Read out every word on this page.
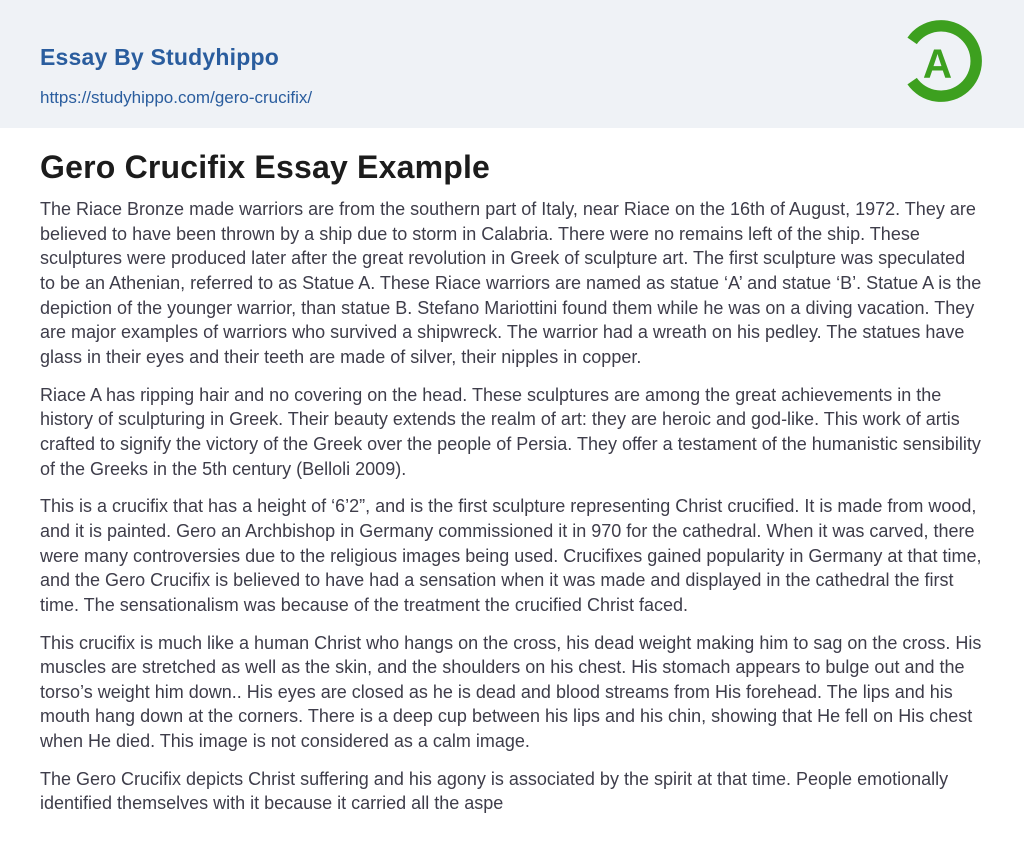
Essay By Studyhippo
https://studyhippo.com/gero-crucifix/
A
Gero Crucifix Essay Example

The Riace Bronze made warriors are from the southern part of Italy, near Riace on the 16th of August, 1972. They are believed to have been thrown by a ship due to storm in Calabria. There were no remains left of the ship. These sculptures were produced later after the great revolution in Greek of sculpture art. The first sculpture was speculated to be an Athenian, referred to as Statue A. These Riace warriors are named as statue ‘A’ and statue ‘B’. Statue A is the depiction of the younger warrior, than statue B. Stefano Mariottini found them while he was on a diving vacation. They are major examples of warriors who survived a shipwreck. The warrior had a wreath on his pedley. The statues have glass in their eyes and their teeth are made of silver, their nipples in copper.

Riace A has ripping hair and no covering on the head. These sculptures are among the great achievements in the history of sculpturing in Greek. Their beauty extends the realm of art: they are heroic and god-like. This work of artis crafted to signify the victory of the Greek over the people of Persia. They offer a testament of the humanistic sensibility of the Greeks in the 5th century (Belloli 2009).

This is a crucifix that has a height of ‘6’2”, and is the first sculpture representing Christ crucified. It is made from wood, and it is painted. Gero an Archbishop in Germany commissioned it in 970 for the cathedral. When it was carved, there were many controversies due to the religious images being used. Crucifixes gained popularity in Germany at that time, and the Gero Crucifix is believed to have had a sensation when it was made and displayed in the cathedral the first time. The sensationalism was because of the treatment the crucified Christ faced.

This crucifix is much like a human Christ who hangs on the cross, his dead weight making him to sag on the cross. His muscles are stretched as well as the skin, and the shoulders on his chest. His stomach appears to bulge out and the torso’s weight him down.. His eyes are closed as he is dead and blood streams from His forehead. The lips and his mouth hang down at the corners. There is a deep cup between his lips and his chin, showing that He fell on His chest when He died. This image is not considered as a calm image.

The Gero Crucifix depicts Christ suffering and his agony is associated by the spirit at that time. People emotionally identified themselves with it because it carried all the aspe
